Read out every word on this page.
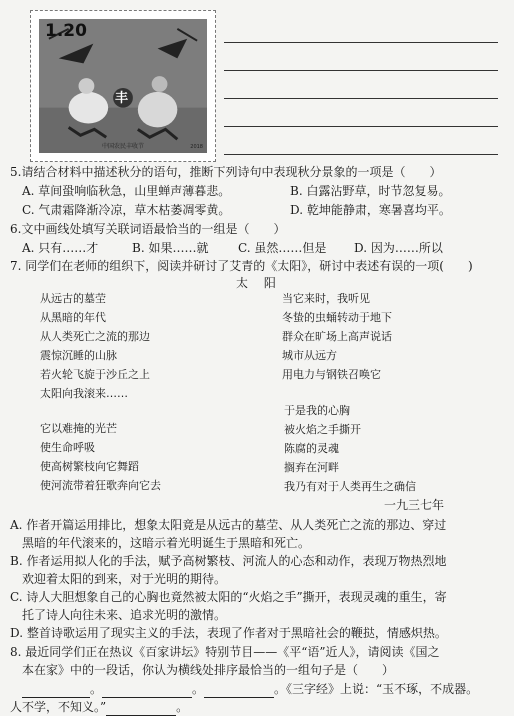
1.20
丰
中国农民丰收节	2018
5.请结合材料中描述秋分的语句，推断下列诗句中表现秋分景象的一项是（　　）
A. 草间蛩响临秋急，山里蝉声薄暮悲。	B. 白露沾野草，时节忽复易。
C. 气肃霜降渐冷凉，草木枯萎凋零黄。	D. 乾坤能静肃，寒暑喜均平。
6.文中画线处填写关联词语最恰当的一组是（　　）
A. 只有……才	B. 如果……就 C. 虽然……但是 D. 因为……所以
7. 同学们在老师的组织下，阅读并研讨了艾青的《太阳》，研讨中表述有误的一项(　　)
太 阳
从远古的墓茔
从黑暗的年代
从人类死亡之流的那边
震惊沉睡的山脉
若火轮飞旋于沙丘之上
太阳向我滚来……
当它来时，我听见
冬蛰的虫蛹转动于地下
群众在旷场上高声说话
城市从远方
用电力与钢铁召唤它
它以难掩的光芒
使生命呼吸
使高树繁枝向它舞蹈
使河流带着狂歌奔向它去
于是我的心胸
被火焰之手撕开
陈腐的灵魂
搁弃在河畔
我乃有对于人类再生之确信
一九三七年
A. 作者开篇运用排比，想象太阳竟是从远古的墓茔、从人类死亡之流的那边、穿过
黑暗的年代滚来的，这暗示着光明诞生于黑暗和死亡。
B. 作者运用拟人化的手法，赋予高树繁枝、河流人的心态和动作，表现万物热烈地
欢迎着太阳的到来，对于光明的期待。
C. 诗人大胆想象自己的心胸也竟然被太阳的“火焰之手”撕开，表现灵魂的重生，寄
托了诗人向往未来、追求光明的激情。
D. 整首诗歌运用了现实主义的手法，表现了作者对于黑暗社会的鞭挞，情感炽热。
8. 最近同学们正在热议《百家讲坛》特别节目——《平“语”近人》，请阅读《国之
本在家》中的一段话，你认为横线处排序最恰当的一组句子是（　　）
。	。	。《三字经》上说：“玉不琢，不成器。
人不学，不知义。”	。
